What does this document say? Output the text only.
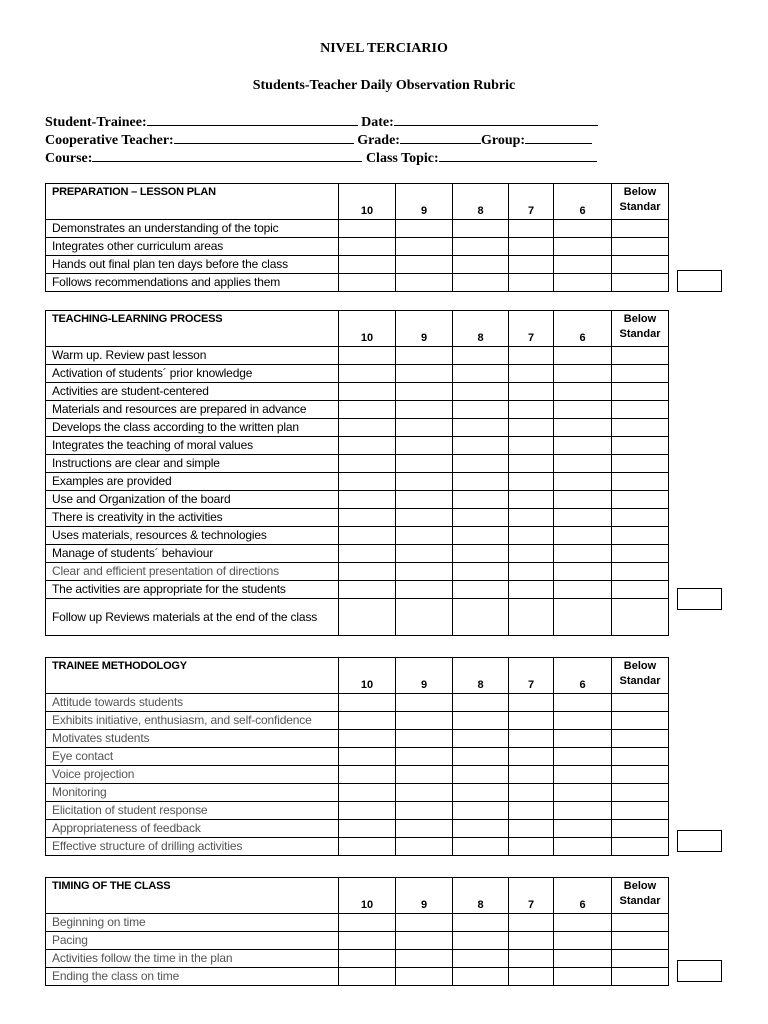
NIVEL TERCIARIO
Students-Teacher Daily Observation Rubric
Student-Trainee:	Date:
Cooperative Teacher:	Grade:	Group:
Course:	Class Topic:
PREPARATION – LESSON PLAN	10	9	8	7	6	Below Standar
Demonstrates an understanding of the topic						
Integrates other curriculum areas						
Hands out final plan ten days before the class						
Follows recommendations and applies them						
TEACHING-LEARNING PROCESS	10	9	8	7	6	Below Standar
Warm up. Review past lesson						
Activation of students´ prior knowledge						
Activities are student-centered						
Materials and resources are prepared in advance						
Develops the class according to the written plan						
Integrates the teaching of moral values						
Instructions are clear and simple						
Examples are provided						
Use and Organization of the board						
There is creativity in the activities						
Uses materials, resources & technologies						
Manage of students´ behaviour						
Clear and efficient presentation of directions						
The activities are appropriate for the students						
Follow up Reviews materials at the end of the class						
TRAINEE METHODOLOGY	10	9	8	7	6	Below Standar
Attitude towards students						
Exhibits initiative, enthusiasm, and self-confidence						
Motivates students						
Eye contact						
Voice projection						
Monitoring						
Elicitation of student response						
Appropriateness of feedback						
Effective structure of drilling activities						
TIMING OF THE CLASS	10	9	8	7	6	Below Standar
Beginning on time						
Pacing						
Activities follow the time in the plan						
Ending the class on time						
